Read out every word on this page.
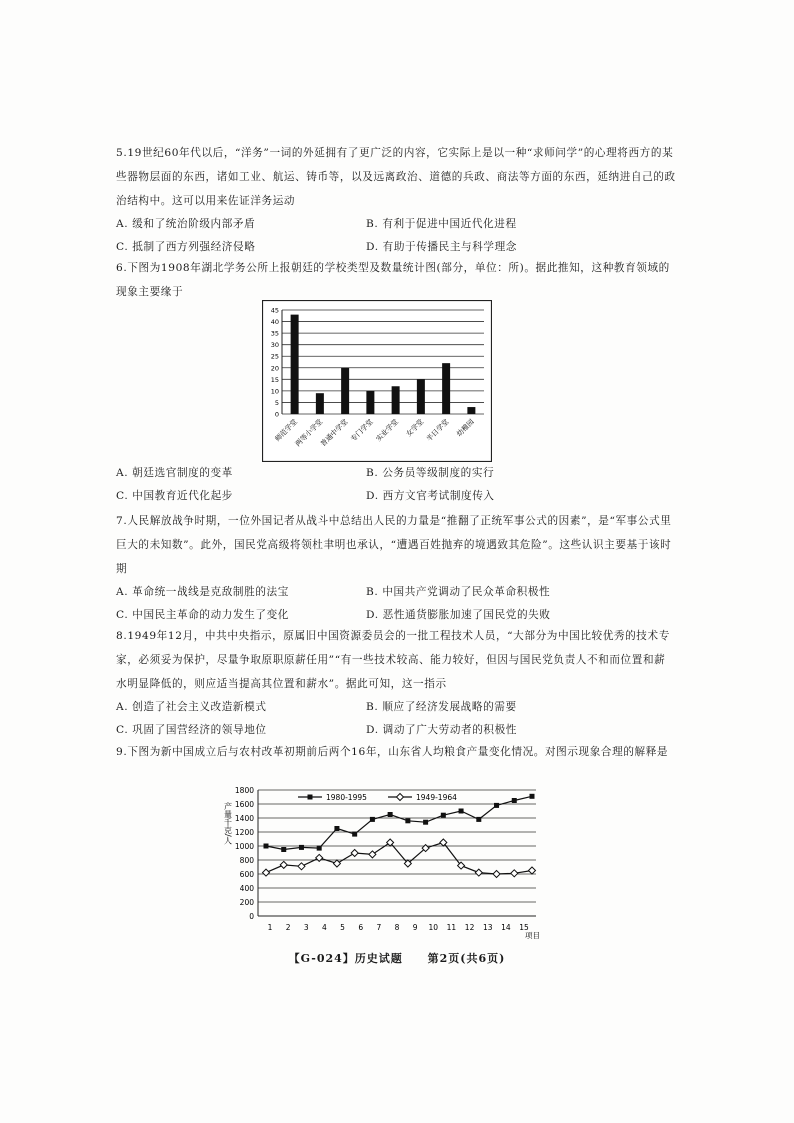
5.19世纪60年代以后，“洋务”一词的外延拥有了更广泛的内容，它实际上是以一种“求师问学”的心理将西方的某些器物层面的东西，诸如工业、航运、铸币等，以及远离政治、道德的兵政、商法等方面的东西，延纳进自己的政治结构中。这可以用来佐证洋务运动
A. 缓和了统治阶级内部矛盾	B. 有利于促进中国近代化进程
C. 抵制了西方列强经济侵略	D. 有助于传播民主与科学理念
6.下图为1908年湖北学务公所上报朝廷的学校类型及数量统计图(部分，单位：所)。据此推知，这种教育领域的现象主要缘于
0
5
10
15
20
25
30
35
40
45
师范学堂
两等小学堂
普通中学堂 专门学堂 实业学堂 女学堂 半日学堂 幼稚园
A. 朝廷选官制度的变革	B. 公务员等级制度的实行
C. 中国教育近代化起步	D. 西方文官考试制度传入
7.人民解放战争时期，一位外国记者从战斗中总结出人民的力量是“推翻了正统军事公式的因素”，是“军事公式里巨大的未知数”。此外，国民党高级将领杜聿明也承认，“遭遇百姓抛弃的境遇致其危险”。这些认识主要基于该时期
A. 革命统一战线是克敌制胜的法宝	B. 中国共产党调动了民众革命积极性
C. 中国民主革命的动力发生了变化	D. 恶性通货膨胀加速了国民党的失败
8.1949年12月，中共中央指示，原属旧中国资源委员会的一批工程技术人员，“大部分为中国比较优秀的技术专家，必须妥为保护，尽量争取原职原薪任用”“有一些技术较高、能力较好，但因与国民党负责人不和而位置和薪水明显降低的，则应适当提高其位置和薪水”。据此可知，这一指示
A. 创造了社会主义改造新模式	B. 顺应了经济发展战略的需要
C. 巩固了国营经济的领导地位	D. 调动了广大劳动者的积极性
9.下图为新中国成立后与农村改革初期前后两个16年，山东省人均粮食产量变化情况。对图示现象合理的解释是
0
200
400
600
800
1000
1200
1400
1600
1800
1 2 3 4 5 6 7 8 9 10 11 12 13 14 15
项目
产量千克/人
1980-1995	1949-1964
【G-024】历史试题 第2页(共6页)
